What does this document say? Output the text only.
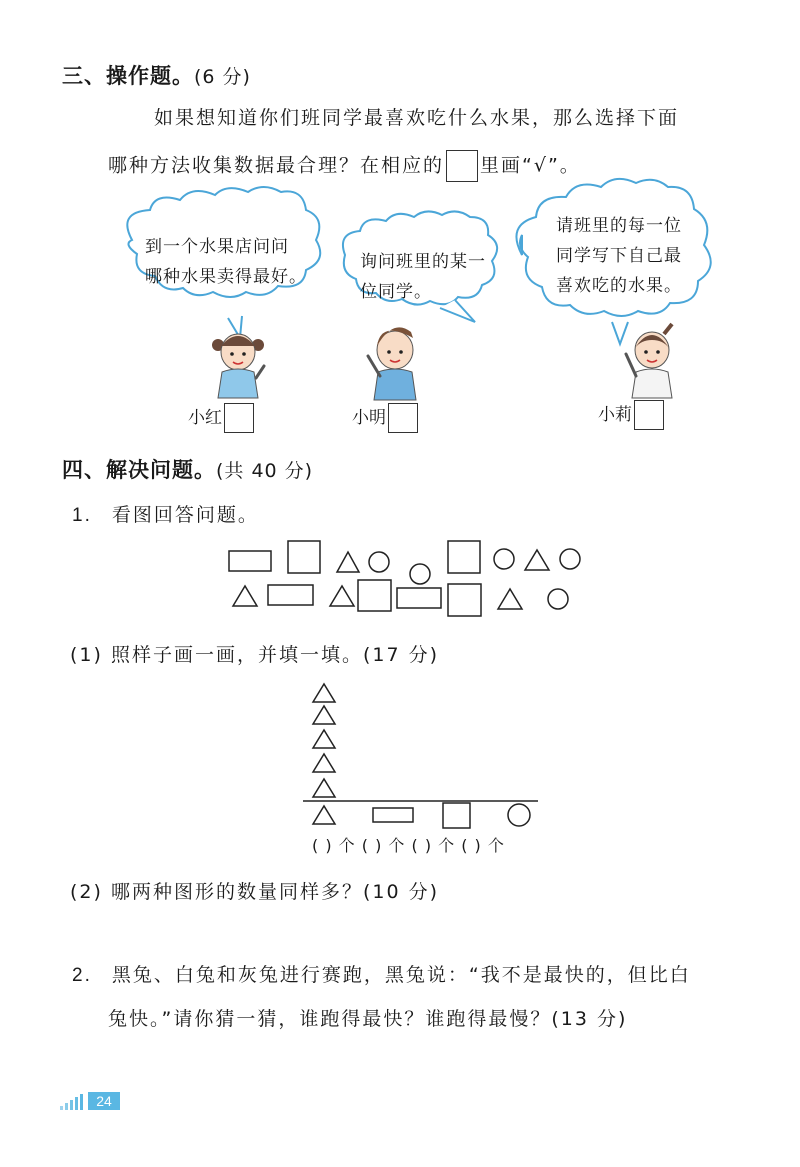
三、操作题。(6 分)
如果想知道你们班同学最喜欢吃什么水果，那么选择下面
哪种方法收集数据最合理？在相应的 里画“√”。
到一个水果店问问
哪种水果卖得最好。
询问班里的某一
位同学。
请班里的每一位
同学写下自己最
喜欢吃的水果。
小红	小明	小莉
四、解决问题。(共 40 分)
1. 看图回答问题。
(1) 照样子画一画，并填一填。(17 分)
( ) 个 ( ) 个 ( ) 个 ( ) 个
(2) 哪两种图形的数量同样多？(10 分)
2. 黑兔、白兔和灰兔进行赛跑，黑兔说：“我不是最快的，但比白
兔快。”请你猜一猜，谁跑得最快？谁跑得最慢？(13 分)
24
